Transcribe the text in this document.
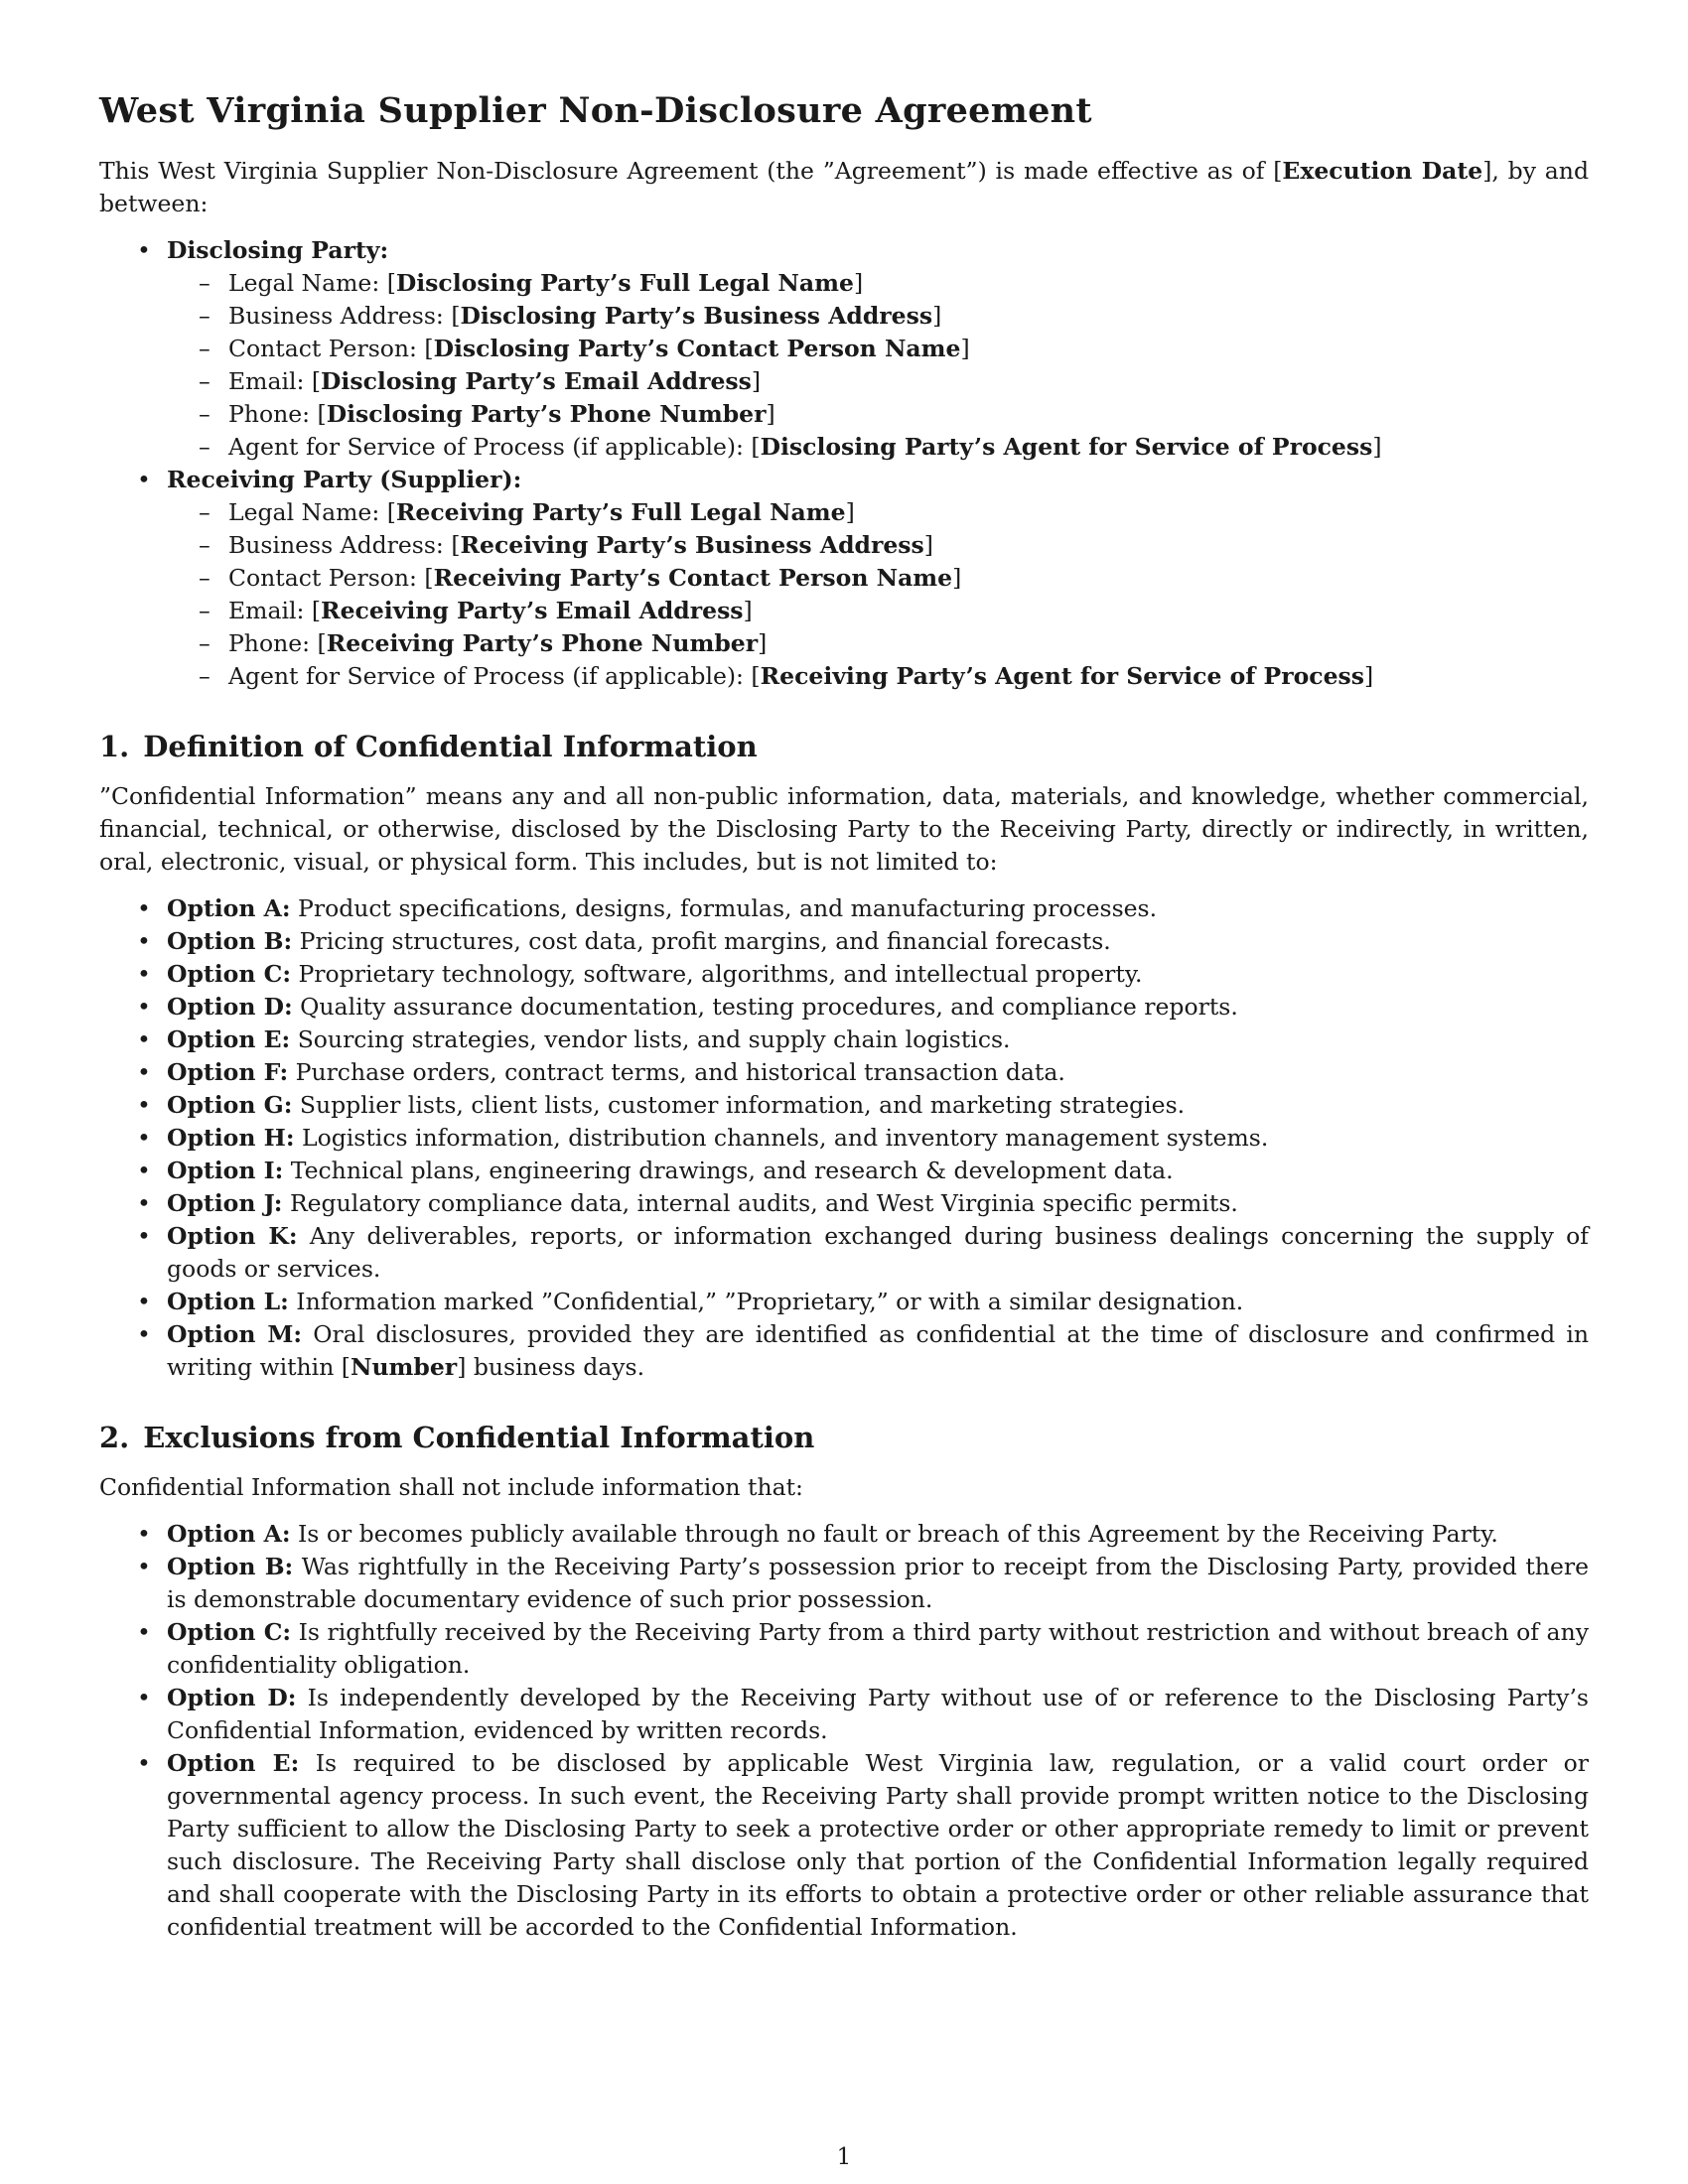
West Virginia Supplier Non-Disclosure Agreement

This West Virginia Supplier Non-Disclosure Agreement (the ”Agreement”) is made effective as of [Execution Date], by and between:

• Disclosing Party:
– Legal Name: [Disclosing Party’s Full Legal Name]
– Business Address: [Disclosing Party’s Business Address]
– Contact Person: [Disclosing Party’s Contact Person Name]
– Email: [Disclosing Party’s Email Address]
– Phone: [Disclosing Party’s Phone Number]
– Agent for Service of Process (if applicable): [Disclosing Party’s Agent for Service of Process]
• Receiving Party (Supplier):
– Legal Name: [Receiving Party’s Full Legal Name]
– Business Address: [Receiving Party’s Business Address]
– Contact Person: [Receiving Party’s Contact Person Name]
– Email: [Receiving Party’s Email Address]
– Phone: [Receiving Party’s Phone Number]
– Agent for Service of Process (if applicable): [Receiving Party’s Agent for Service of Process]
1. Definition of Confidential Information

”Confidential Information” means any and all non-public information, data, materials, and knowledge, whether commercial, financial, technical, or otherwise, disclosed by the Disclosing Party to the Receiving Party, directly or indirectly, in written, oral, electronic, visual, or physical form. This includes, but is not limited to:

• Option A: Product specifications, designs, formulas, and manufacturing processes.
• Option B: Pricing structures, cost data, profit margins, and financial forecasts.
• Option C: Proprietary technology, software, algorithms, and intellectual property.
• Option D: Quality assurance documentation, testing procedures, and compliance reports.
• Option E: Sourcing strategies, vendor lists, and supply chain logistics.
• Option F: Purchase orders, contract terms, and historical transaction data.
• Option G: Supplier lists, client lists, customer information, and marketing strategies.
• Option H: Logistics information, distribution channels, and inventory management systems.
• Option I: Technical plans, engineering drawings, and research & development data.
• Option J: Regulatory compliance data, internal audits, and West Virginia specific permits.
• Option K: Any deliverables, reports, or information exchanged during business dealings concerning the supply of goods or services.
• Option L: Information marked ”Confidential,” ”Proprietary,” or with a similar designation.
• Option M: Oral disclosures, provided they are identified as confidential at the time of disclosure and confirmed in writing within [Number] business days.
2. Exclusions from Confidential Information

Confidential Information shall not include information that:

• Option A: Is or becomes publicly available through no fault or breach of this Agreement by the Receiving Party.
• Option B: Was rightfully in the Receiving Party’s possession prior to receipt from the Disclosing Party, provided there is demonstrable documentary evidence of such prior possession.
• Option C: Is rightfully received by the Receiving Party from a third party without restriction and without breach of any confidentiality obligation.
• Option D: Is independently developed by the Receiving Party without use of or reference to the Disclosing Party’s Confidential Information, evidenced by written records.
• Option E: Is required to be disclosed by applicable West Virginia law, regulation, or a valid court order or governmental agency process. In such event, the Receiving Party shall provide prompt written notice to the Disclosing Party sufficient to allow the Disclosing Party to seek a protective order or other appropriate remedy to limit or prevent such disclosure. The Receiving Party shall disclose only that portion of the Confidential Information legally required and shall cooperate with the Disclosing Party in its efforts to obtain a protective order or other reliable assurance that confidential treatment will be accorded to the Confidential Information.
1
